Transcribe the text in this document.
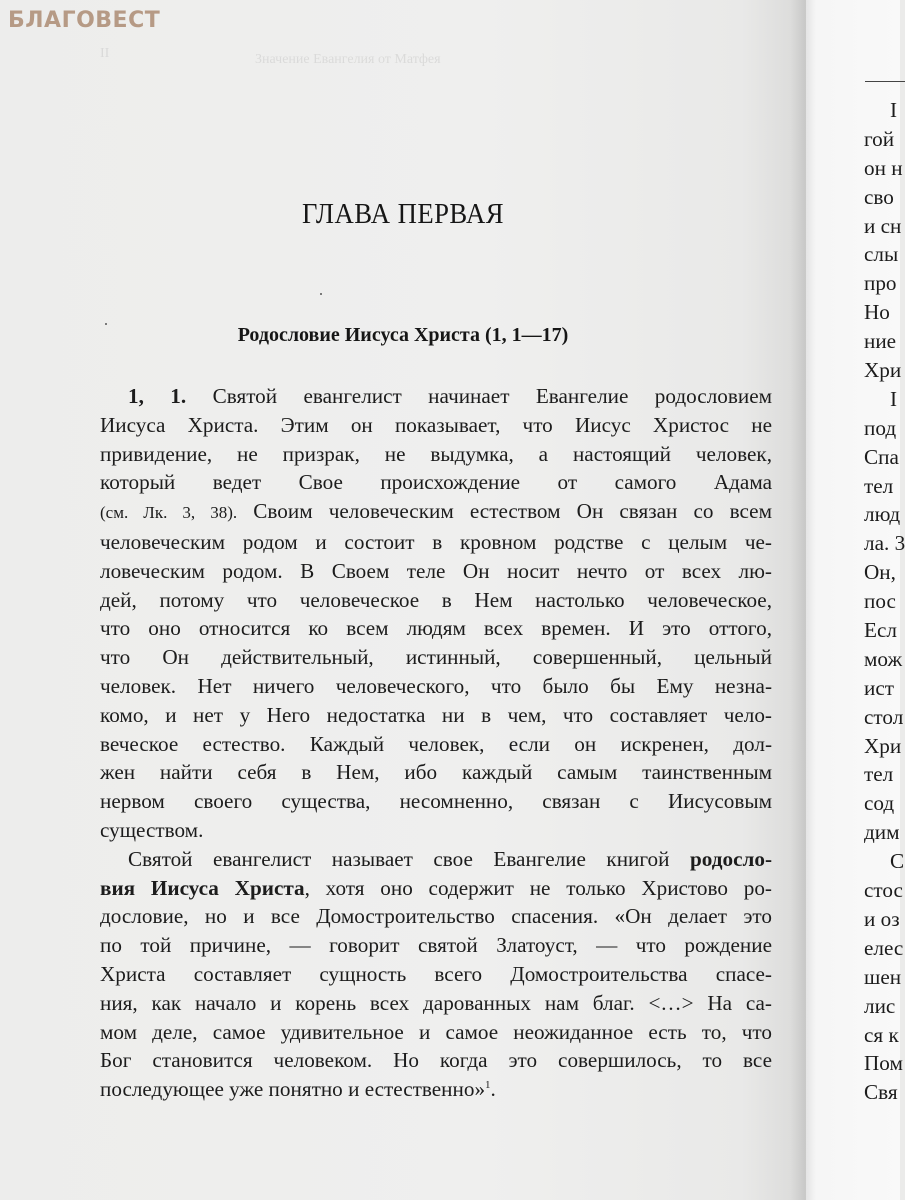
БЛАГОВЕСТ
II	Значение Евангелия от Матфея
ГЛАВА ПЕРВАЯ
Родословие Иисуса Христа (1, 1—17)
1, 1. Святой евангелист начинает Евангелие родословием
Иисуса Христа. Этим он показывает, что Иисус Христос не
привидение, не призрак, не выдумка, а настоящий человек,
который ведет Свое происхождение от самого Адама
(см. Лк. 3, 38). Своим человеческим естеством Он связан со всем
человеческим родом и состоит в кровном родстве с целым че-
ловеческим родом. В Своем теле Он носит нечто от всех лю-
дей, потому что человеческое в Нем настолько человеческое,
что оно относится ко всем людям всех времен. И это оттого,
что Он действительный, истинный, совершенный, цельный
человек. Нет ничего человеческого, что было бы Ему незна-
комо, и нет у Него недостатка ни в чем, что составляет чело-
веческое естество. Каждый человек, если он искренен, дол-
жен найти себя в Нем, ибо каждый самым таинственным
нервом своего существа, несомненно, связан с Иисусовым
существом.
Святой евангелист называет свое Евангелие книгой родосло-
вия Иисуса Христа, хотя оно содержит не только Христово ро-
дословие, но и все Домостроительство спасения. «Он делает это
по той причине, — говорит святой Златоуст, — что рождение
Христа составляет сущность всего Домостроительства спасе-
ния, как начало и корень всех дарованных нам благ. <…> На са-
мом деле, самое удивительное и самое неожиданное есть то, что
Бог становится человеком. Но когда это совершилось, то все
последующее уже понятно и естественно»$^1$.
I
гой
он н
сво
и сн
слы
про
Но
ние
Хри
I
под
Спа
тел
люд
ла. 3
Он,
пос
Есл
мож
ист
стол
Хри
тел
сод
дим
С
стос
и оз
елес
шен
лис
ся к
Пом
Свя
